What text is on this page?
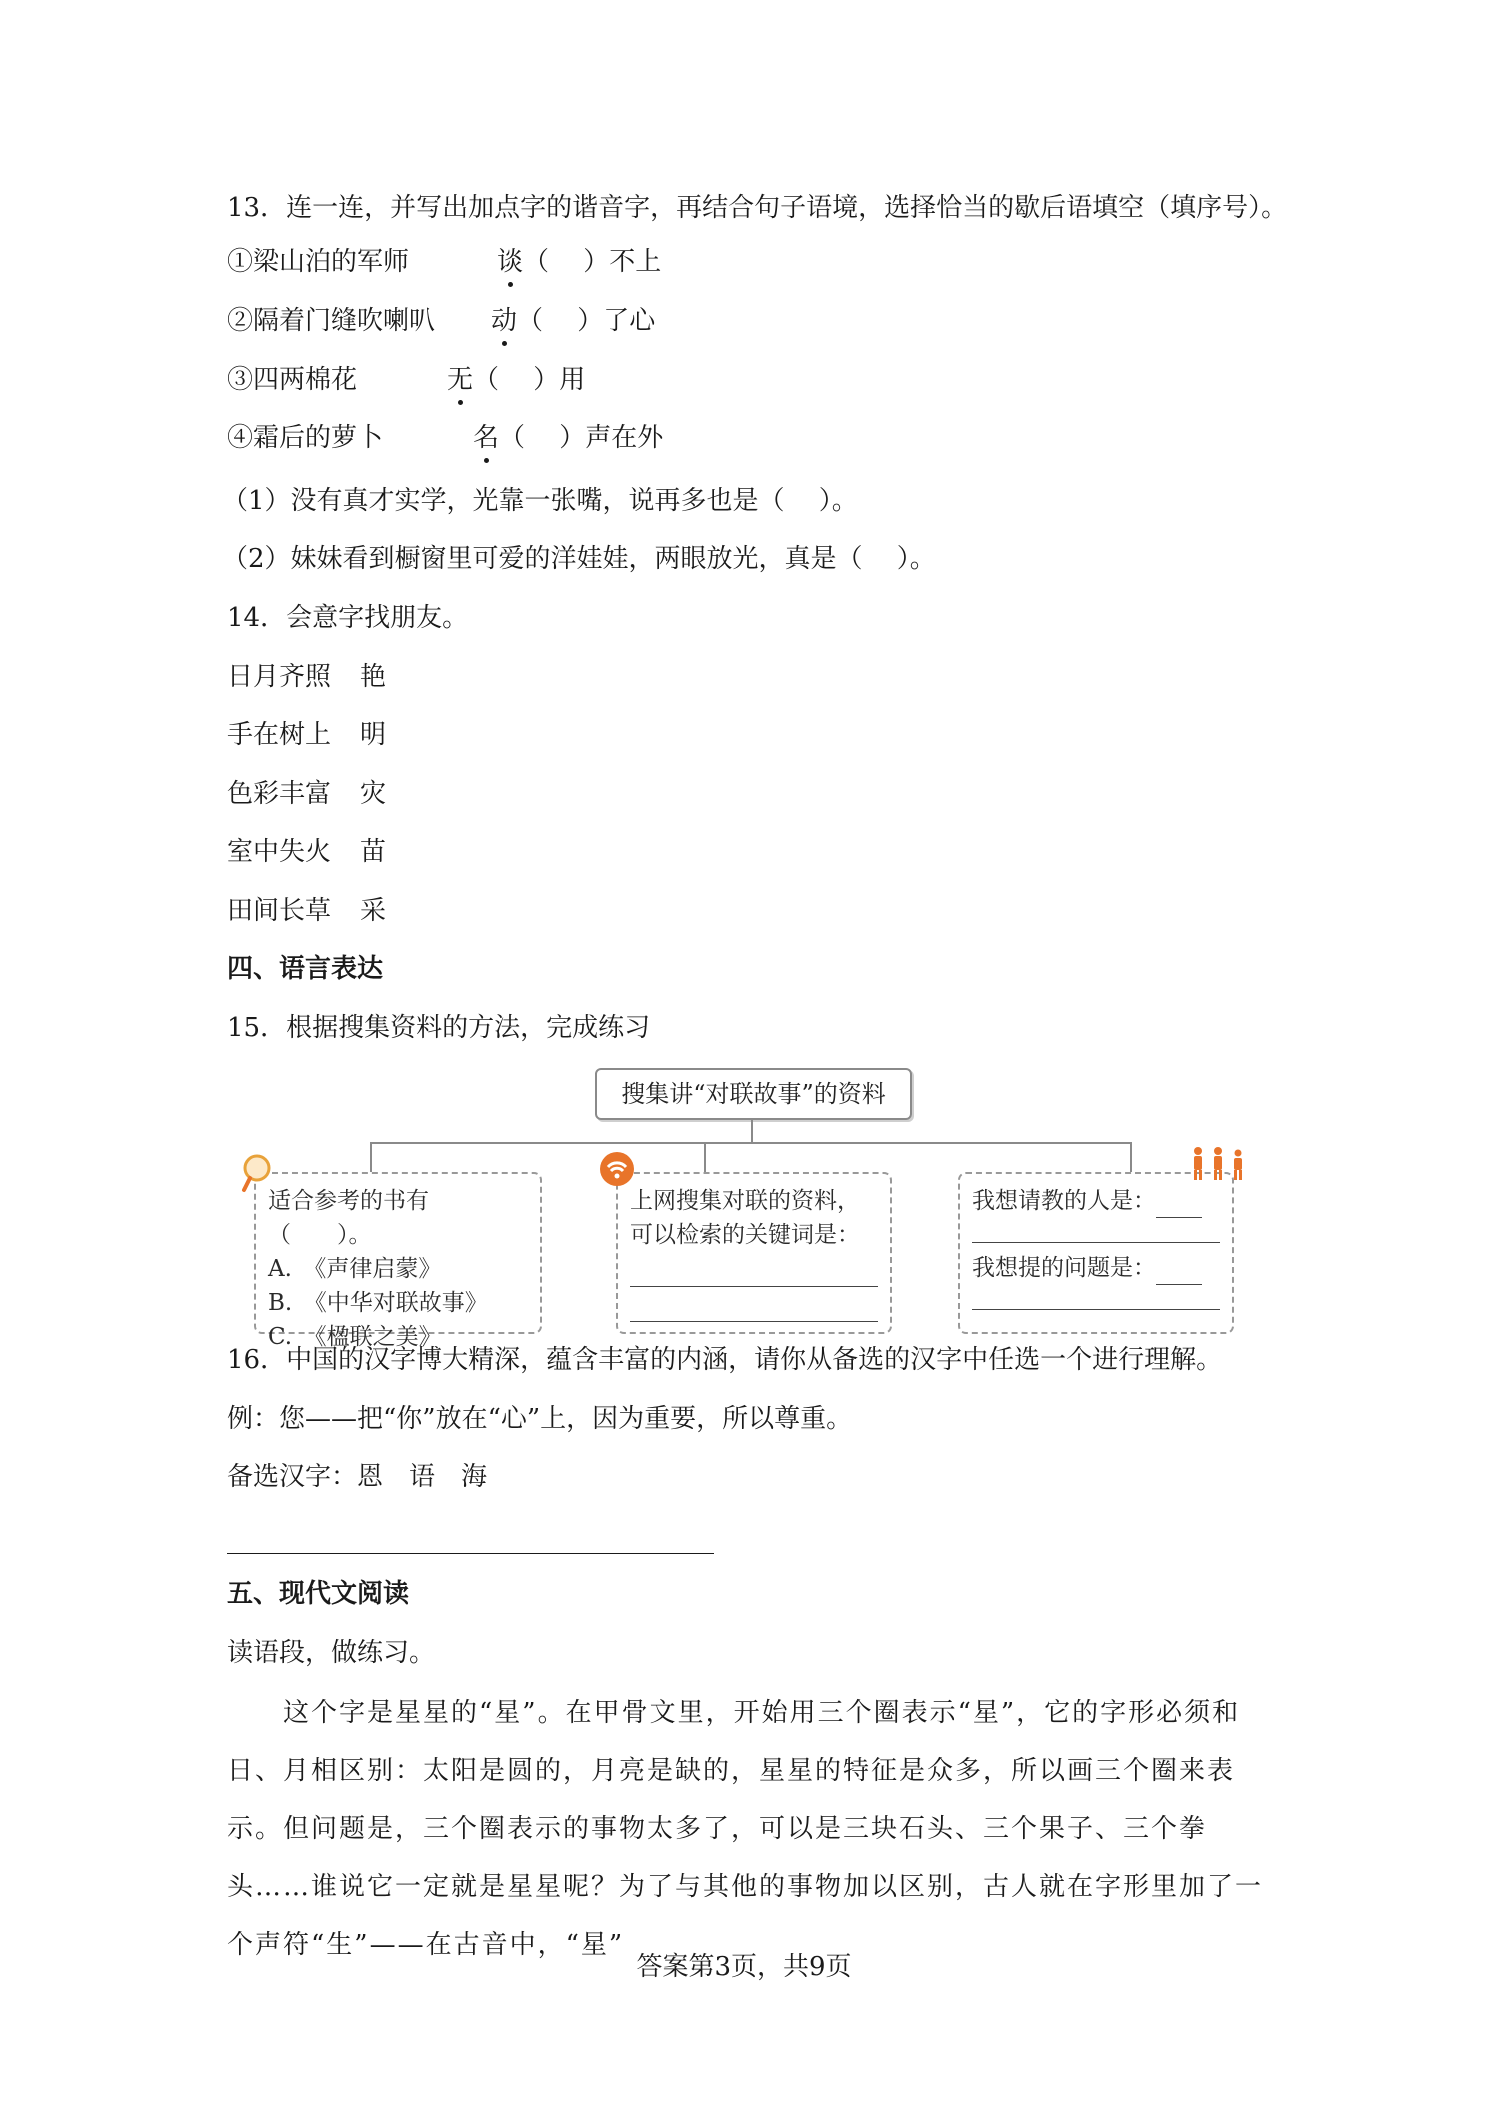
13．连一连，并写出加点字的谐音字，再结合句子语境，选择恰当的歇后语填空（填序号）。
①梁山泊的军师	谈（　 ）不上
②隔着门缝吹喇叭 动（　 ）了心
③四两棉花	无（　 ）用
④霜后的萝卜	名（　 ）声在外
（1）没有真才实学，光靠一张嘴，说再多也是（　 ）。
（2）妹妹看到橱窗里可爱的洋娃娃，两眼放光，真是（　 ）。
14．会意字找朋友。
日月齐照 艳
手在树上 明
色彩丰富 灾
室中失火 苗
田间长草 采
四、语言表达
15．根据搜集资料的方法，完成练习
搜集讲“对联故事”的资料
适合参考的书有（　　）。
A.　《声律启蒙》
B.　《中华对联故事》
C.　《楹联之美》
上网搜集对联的资料，
可以检索的关键词是：
我想请教的人是：
我想提的问题是：
16．中国的汉字博大精深，蕴含丰富的内涵，请你从备选的汉字中任选一个进行理解。
例：您——把“你”放在“心”上，因为重要，所以尊重。
备选汉字：恩　语　海
五、现代文阅读
读语段，做练习。
　　这个字是星星的“星”。在甲骨文里，开始用三个圈表示“星”，它的字形必须和日、月相区别：太阳是圆的，月亮是缺的，星星的特征是众多，所以画三个圈来表示。但问题是，三个圈表示的事物太多了，可以是三块石头、三个果子、三个拳头……谁说它一定就是星星呢？为了与其他的事物加以区别，古人就在字形里加了一个声符“生”——在古音中，“星”
答案第3页，共9页
